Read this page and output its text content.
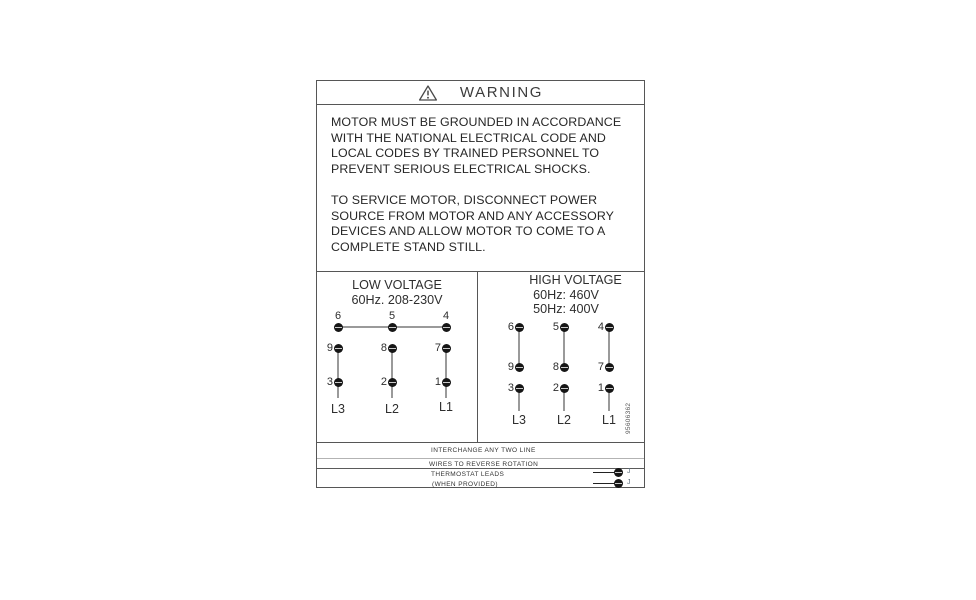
WARNING
MOTOR MUST BE GROUNDED IN ACCORDANCE
WITH THE NATIONAL ELECTRICAL CODE AND
LOCAL CODES BY TRAINED PERSONNEL TO
PREVENT SERIOUS ELECTRICAL SHOCKS.
TO SERVICE MOTOR, DISCONNECT POWER
SOURCE FROM MOTOR AND ANY ACCESSORY
DEVICES AND ALLOW MOTOR TO COME TO A
COMPLETE STAND STILL.
LOW VOLTAGE
60Hz. 208-230V
6	5	4
9	8	7
3	2	1
L3	L2	L1
HIGH VOLTAGE
60Hz: 460V
50Hz: 400V
6	5	4
9	8	7
3	2	1
L3	L2	L1	95606362
INTERCHANGE ANY TWO LINE
WIRES TO REVERSE ROTATION
THERMOSTAT LEADS
(WHEN PROVIDED)
J
J
